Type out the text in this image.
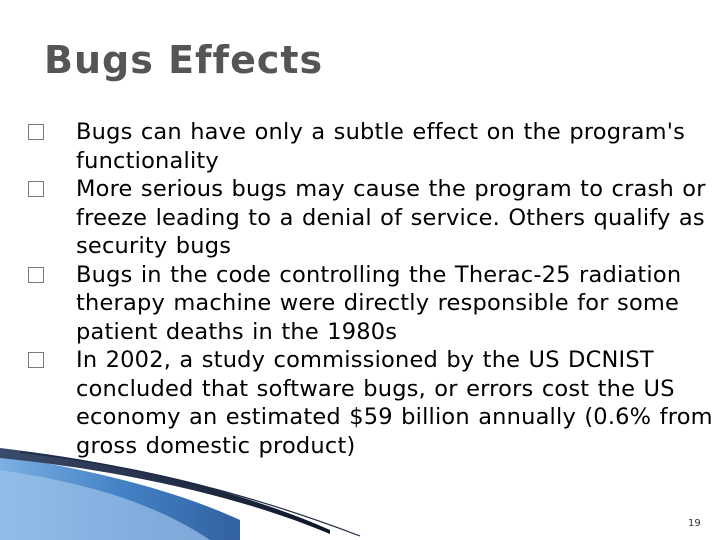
Bugs Effects
Bugs can have only a subtle effect on the program's functionality
More serious bugs may cause the program to crash or freeze leading to a denial of service. Others qualify as security bugs
Bugs in the code controlling the Therac-25 radiation therapy machine were directly responsible for some patient deaths in the 1980s
In 2002, a study commissioned by the US DCNIST concluded that software bugs, or errors cost the US economy an estimated $59 billion annually (0.6% from gross domestic product)
19
